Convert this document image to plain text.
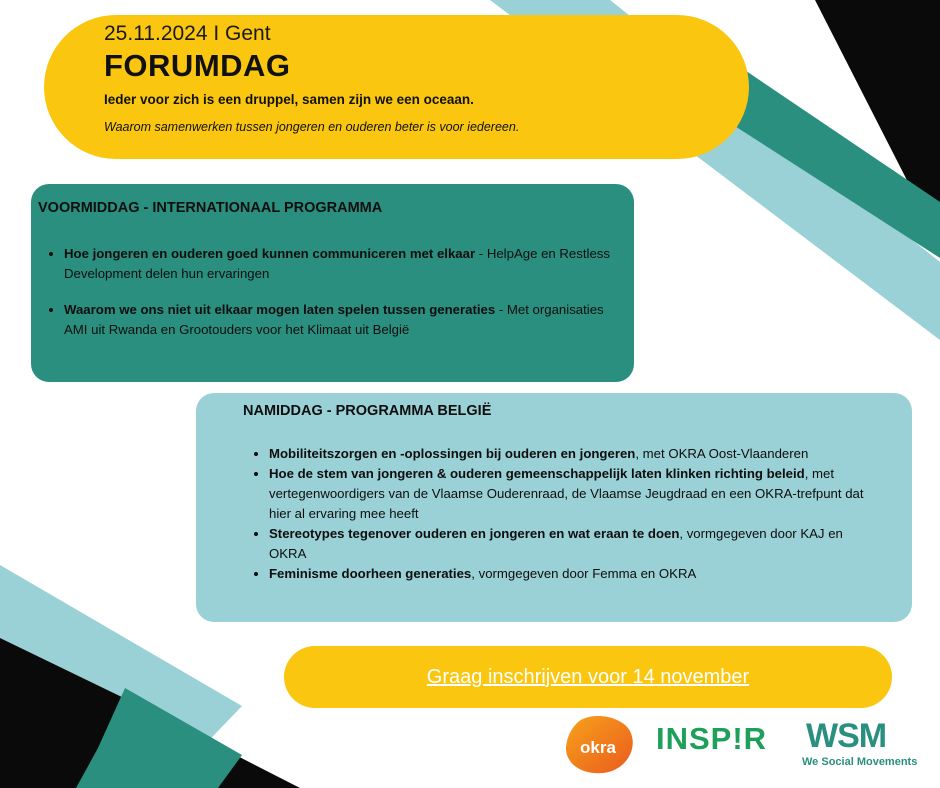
25.11.2024 I Gent
FORUMDAG
Ieder voor zich is een druppel, samen zijn we een oceaan.
Waarom samenwerken tussen jongeren en ouderen beter is voor iedereen.
VOORMIDDAG - INTERNATIONAAL PROGRAMMA
• Hoe jongeren en ouderen goed kunnen communiceren met elkaar - HelpAge en Restless Development delen hun ervaringen
• Waarom we ons niet uit elkaar mogen laten spelen tussen generaties - Met organisaties AMI uit Rwanda en Grootouders voor het Klimaat uit België
NAMIDDAG - PROGRAMMA BELGIË
• Mobiliteitszorgen en -oplossingen bij ouderen en jongeren, met OKRA Oost-Vlaanderen
• Hoe de stem van jongeren & ouderen gemeenschappelijk laten klinken richting beleid, met vertegenwoordigers van de Vlaamse Ouderenraad, de Vlaamse Jeugdraad en een OKRA-trefpunt dat hier al ervaring mee heeft
• Stereotypes tegenover ouderen en jongeren en wat eraan te doen, vormgegeven door KAJ en OKRA
• Feminisme doorheen generaties, vormgegeven door Femma en OKRA
Graag inschrijven voor 14 november
okra INSP!R WSM
We Social Movements
